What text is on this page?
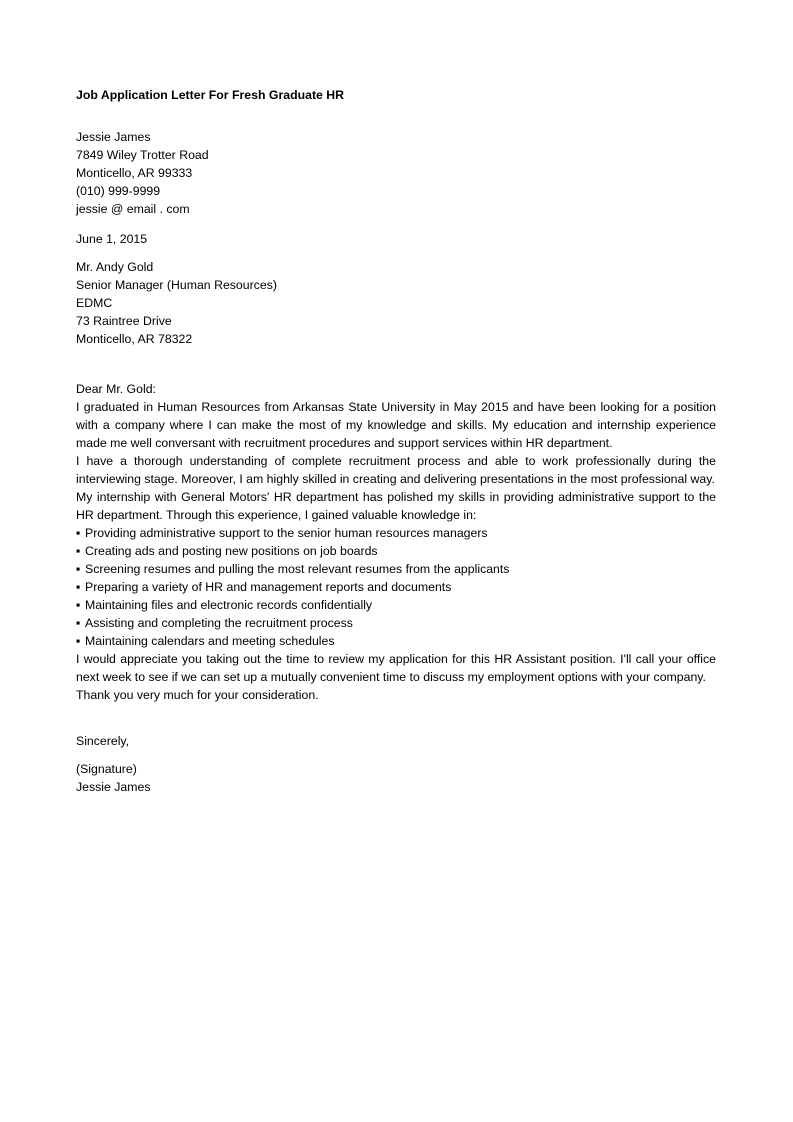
Job Application Letter For Fresh Graduate HR
Jessie James
7849 Wiley Trotter Road
Monticello, AR 99333
(010) 999-9999
jessie @ email . com
June 1, 2015
Mr. Andy Gold
Senior Manager (Human Resources)
EDMC
73 Raintree Drive
Monticello, AR 78322
Dear Mr. Gold:

I graduated in Human Resources from Arkansas State University in May 2015 and have been looking for a position with a company where I can make the most of my knowledge and skills. My education and internship experience made me well conversant with recruitment procedures and support services within HR department.

I have a thorough understanding of complete recruitment process and able to work professionally during the interviewing stage. Moreover, I am highly skilled in creating and delivering presentations in the most professional way.

My internship with General Motors' HR department has polished my skills in providing administrative support to the HR department. Through this experience, I gained valuable knowledge in:

▪ Providing administrative support to the senior human resources managers
▪ Creating ads and posting new positions on job boards
▪ Screening resumes and pulling the most relevant resumes from the applicants
▪ Preparing a variety of HR and management reports and documents
▪ Maintaining files and electronic records confidentially
▪ Assisting and completing the recruitment process
▪ Maintaining calendars and meeting schedules

I would appreciate you taking out the time to review my application for this HR Assistant position. I'll call your office next week to see if we can set up a mutually convenient time to discuss my employment options with your company.

Thank you very much for your consideration.

Sincerely,
(Signature)
Jessie James
